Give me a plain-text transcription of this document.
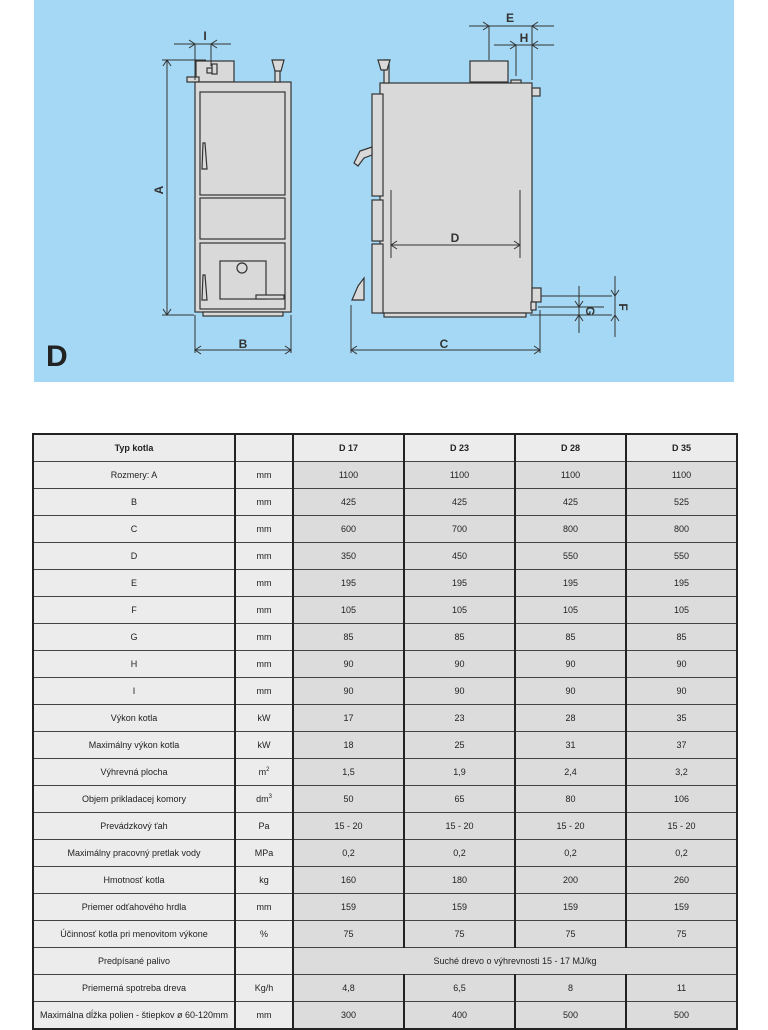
A
B
I
C
D
E
H
G F
D
Typ kotla		D 17	D 23	D 28	D 35
Rozmery: A	mm	1100	1100	1100	1100
B	mm	425	425	425	525
C	mm	600	700	800	800
D	mm	350	450	550	550
E	mm	195	195	195	195
F	mm	105	105	105	105
G	mm	85	85	85	85
H	mm	90	90	90	90
I	mm	90	90	90	90
Výkon kotla	kW	17	23	28	35
Maximálny výkon kotla	kW	18	25	31	37
Výhrevná plocha	$m^2$	1,5	1,9	2,4	3,2
Objem prikladacej komory	$dm^3$	50	65	80	106
Prevádzkový ťah	Pa	15 - 20	15 - 20	15 - 20	15 - 20
Maximálny pracovný pretlak vody	MPa	0,2	0,2	0,2	0,2
Hmotnosť kotla	kg	160	180	200	260
Priemer odťahového hrdla	mm	159	159	159	159
Účinnosť kotla pri menovitom výkone	%	75	75	75	75
Predpísané palivo		Suché drevo o výhrevnosti 15 - 17 MJ/kg			
Priemerná spotreba dreva	Kg/h	4,8	6,5	8	11
Maximálna dĺžka polien - štiepkov ø 60-120mm	mm	300	400	500	500
